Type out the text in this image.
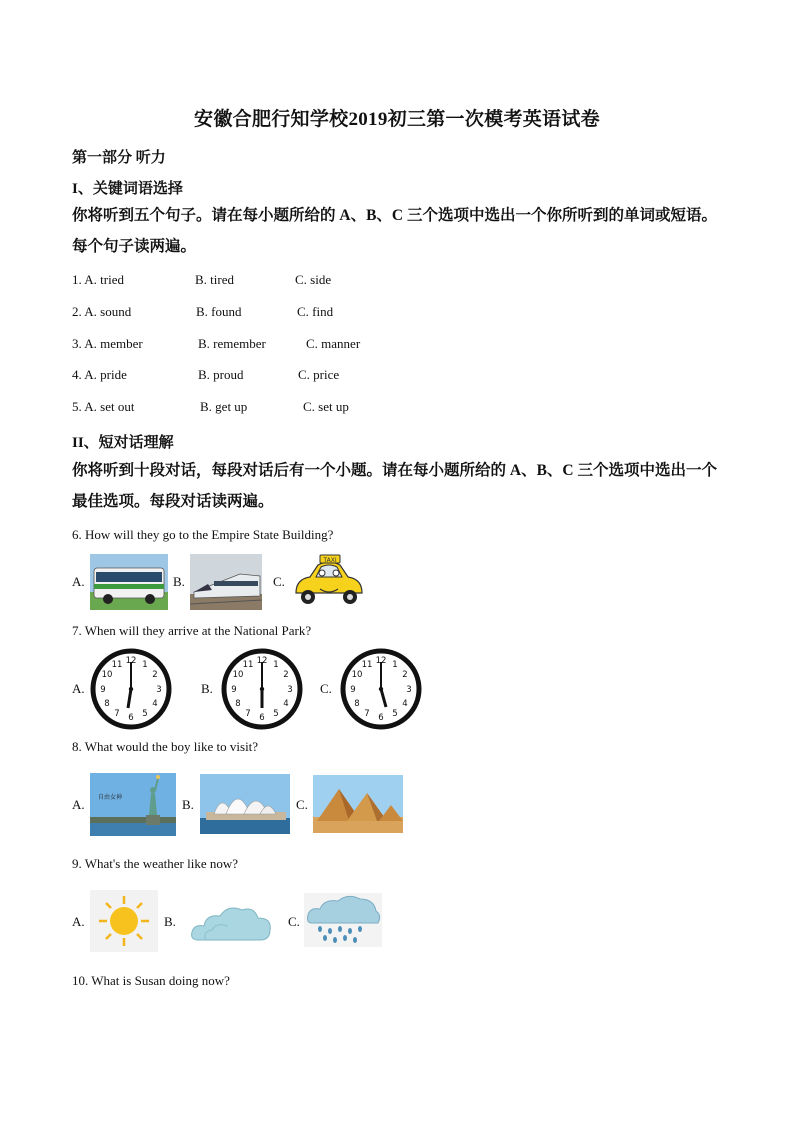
安徽合肥行知学校2019初三第一次模考英语试卷
第一部分 听力
I、关键词语选择
你将听到五个句子。请在每小题所给的 A、B、C 三个选项中选出一个你所听到的单词或短语。每个句子读两遍。
1. A. tried	B. tired	C. side
2. A. sound	B. found	C. find
3. A. member	B. remember	C. manner
4. A. pride	B. proud	C. price
5. A. set out	B. get up	C. set up
II、短对话理解
你将听到十段对话，每段对话后有一个小题。请在每小题所给的 A、B、C 三个选项中选出一个最佳选项。每段对话读两遍。
6. How will they go to the Empire State Building?
A.	B.	C.
TAXI
7. When will they arrive at the National Park?
A.
12 1
2
3
4
5
6
7
8
9
10
11
B.
12 1
2
3
4
5
6
7
8
9
10
11
C.
12 1
2
3
4
5
6
7
8
9
10
11
8. What would the boy like to visit?
A. 自由女神	B.	C.
9. What's the weather like now?
A.	B.	C.
10. What is Susan doing now?
